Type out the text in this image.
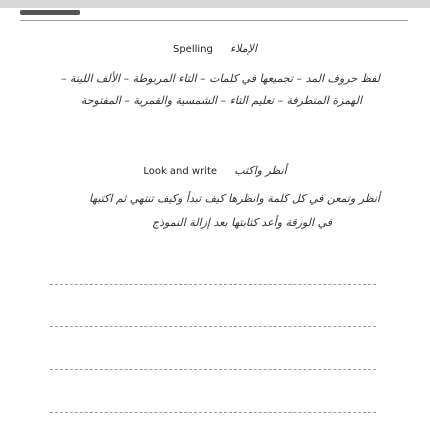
Spelling الإملاء
لفظ حروف المد – تجميعها في كلمات – التاء المربوطة – الألف اللينة –
الهمزة المتطرفة – تعليم التاء – الشمسية والقمرية – المفتوحة
Look and write أنظر واكتب
أنظر وتمعن في كل كلمة وانظرها كيف تبدأ وكيف تنتهي ثم اكتبها
في الورقة وأعد كتابتها بعد إزالة النموذج
